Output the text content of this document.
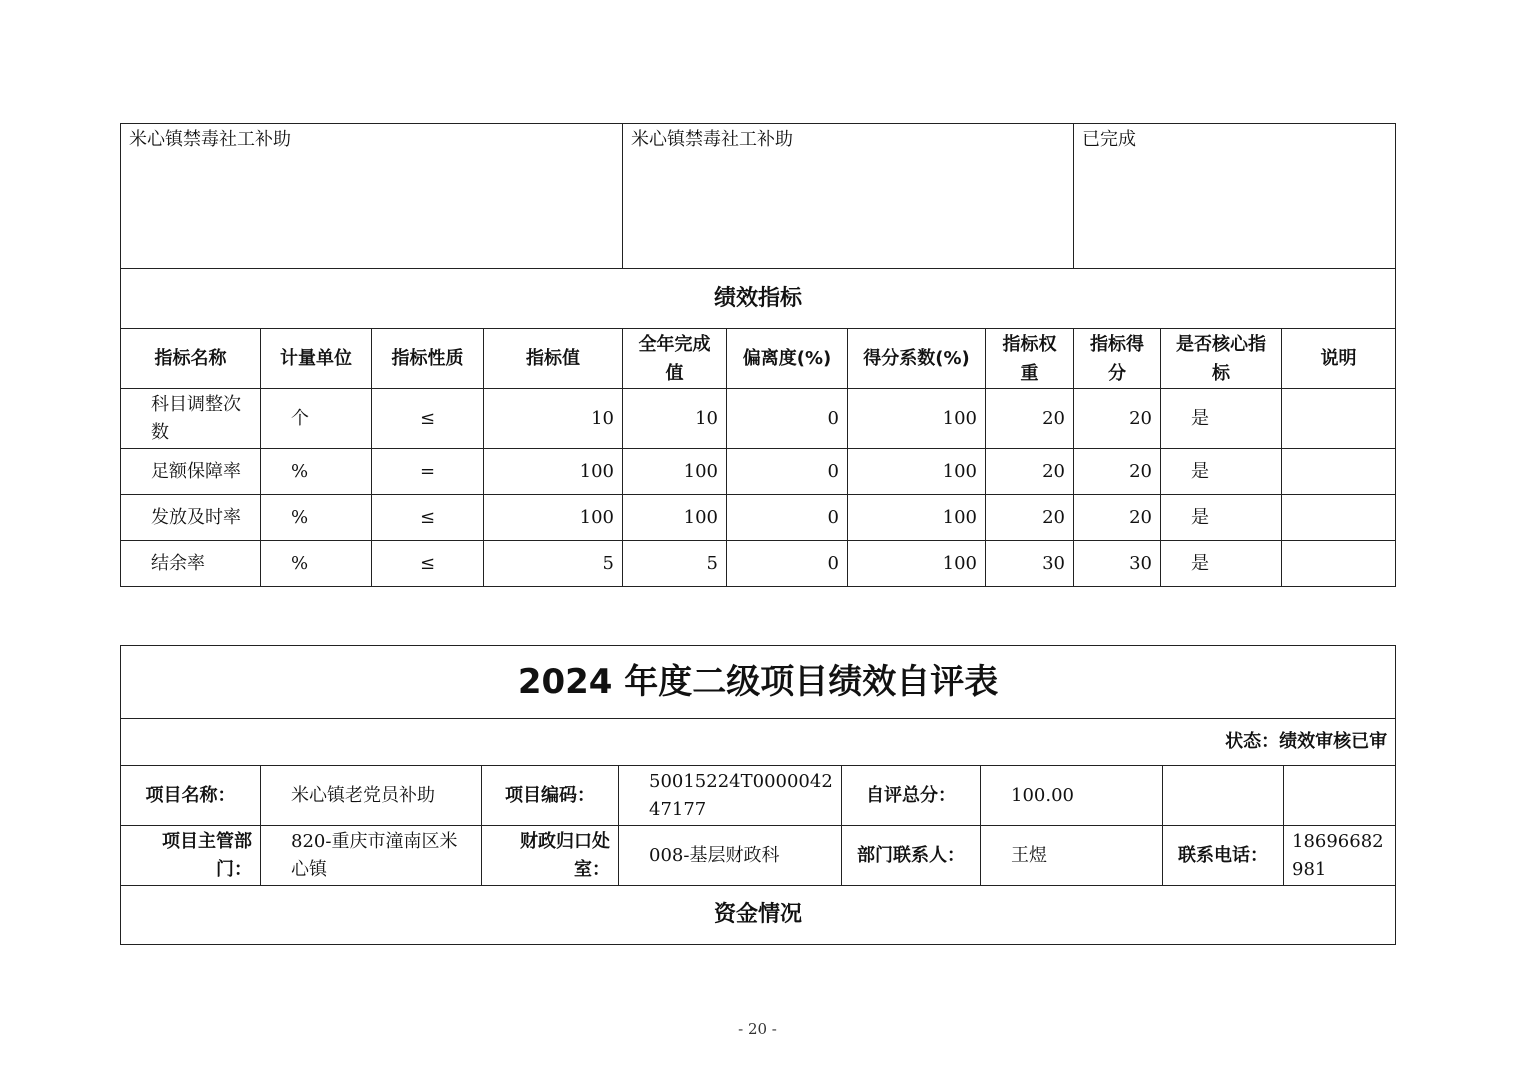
米心镇禁毒社工补助				米心镇禁毒社工补助				已完成		
绩效指标										
指标名称	计量单位	指标性质	指标值	全年完成值	偏离度(%)	得分系数(%)	指标权重	指标得分	是否核心指标	说明
科目调整次数	个	≤	10	10	0	100	20	20	是	
足额保障率	%	=	100	100	0	100	20	20	是	
发放及时率	%	≤	100	100	0	100	20	20	是	
结余率	%	≤	5	5	0	100	30	30	是	
2024 年度二级项目绩效自评表							
状态：绩效审核已审							
项目名称：	米心镇老党员补助	项目编码：	50015224T000004247177	自评总分：	100.00		
项目主管部门：	820-重庆市潼南区米心镇	财政归口处室：	008-基层财政科	部门联系人：	王煜	联系电话：	18696682981
资金情况							
- 20 -
